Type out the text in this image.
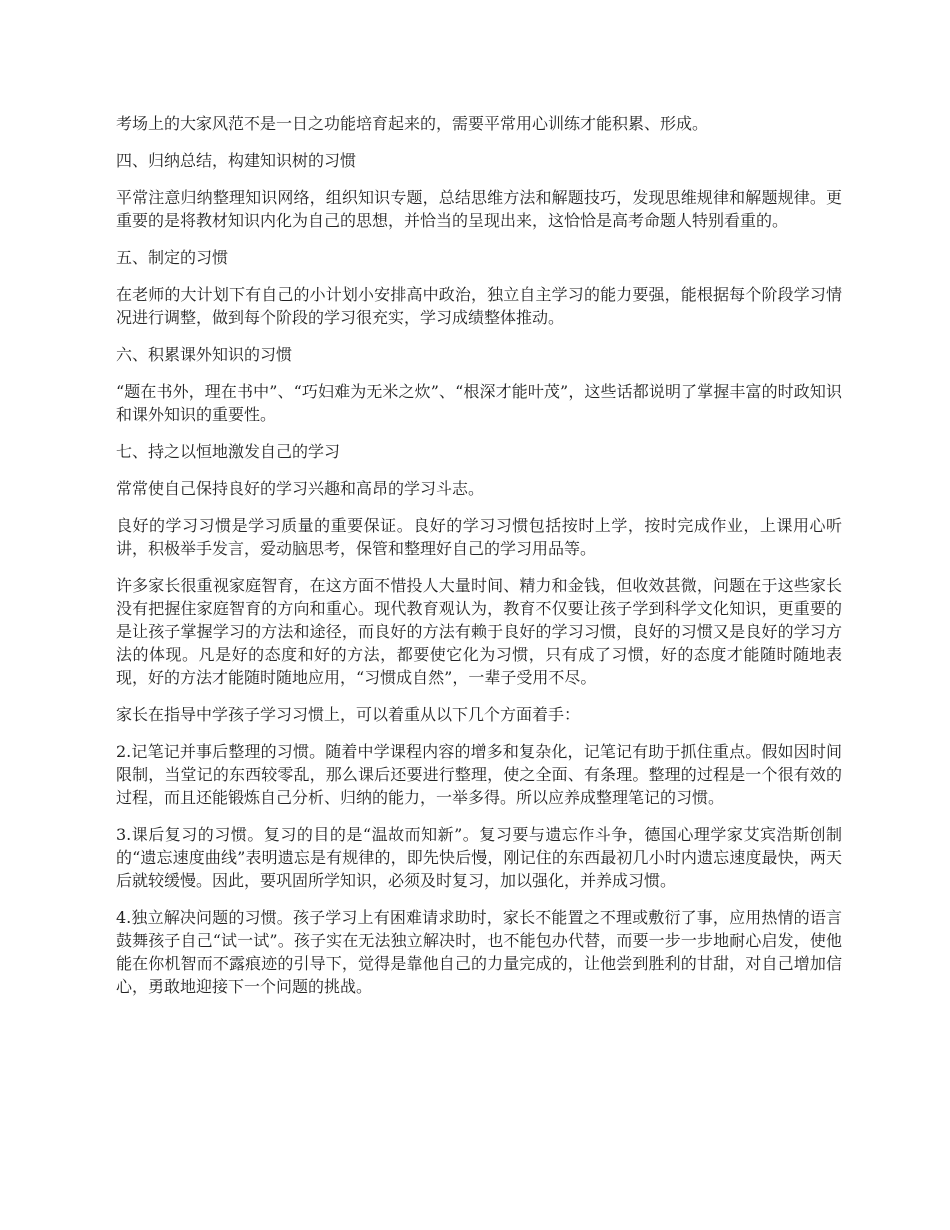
考场上的大家风范不是一日之功能培育起来的，需要平常用心训练才能积累、形成。

四、归纳总结，构建知识树的习惯

平常注意归纳整理知识网络，组织知识专题，总结思维方法和解题技巧，发现思维规律和解题规律。更重要的是将教材知识内化为自己的思想，并恰当的呈现出来，这恰恰是高考命题人特别看重的。

五、制定的习惯

在老师的大计划下有自己的小计划小安排高中政治，独立自主学习的能力要强，能根据每个阶段学习情况进行调整，做到每个阶段的学习很充实，学习成绩整体推动。

六、积累课外知识的习惯

“题在书外，理在书中”、“巧妇难为无米之炊”、“根深才能叶茂”，这些话都说明了掌握丰富的时政知识和课外知识的重要性。

七、持之以恒地激发自己的学习

常常使自己保持良好的学习兴趣和高昂的学习斗志。

良好的学习习惯是学习质量的重要保证。良好的学习习惯包括按时上学，按时完成作业，上课用心听讲，积极举手发言，爱动脑思考，保管和整理好自己的学习用品等。

许多家长很重视家庭智育，在这方面不惜投人大量时间、精力和金钱，但收效甚微，问题在于这些家长没有把握住家庭智育的方向和重心。现代教育观认为，教育不仅要让孩子学到科学文化知识，更重要的是让孩子掌握学习的方法和途径，而良好的方法有赖于良好的学习习惯，良好的习惯又是良好的学习方法的体现。凡是好的态度和好的方法，都要使它化为习惯，只有成了习惯，好的态度才能随时随地表现，好的方法才能随时随地应用，“习惯成自然”，一辈子受用不尽。

家长在指导中学孩子学习习惯上，可以着重从以下几个方面着手：

2.记笔记并事后整理的习惯。随着中学课程内容的增多和复杂化，记笔记有助于抓住重点。假如因时间限制，当堂记的东西较零乱，那么课后还要进行整理，使之全面、有条理。整理的过程是一个很有效的过程，而且还能锻炼自己分析、归纳的能力，一举多得。所以应养成整理笔记的习惯。

3.课后复习的习惯。复习的目的是“温故而知新”。复习要与遗忘作斗争，德国心理学家艾宾浩斯创制的“遗忘速度曲线”表明遗忘是有规律的，即先快后慢，刚记住的东西最初几小时内遗忘速度最快，两天后就较缓慢。因此，要巩固所学知识，必须及时复习，加以强化，并养成习惯。

4.独立解决问题的习惯。孩子学习上有困难请求助时，家长不能置之不理或敷衍了事，应用热情的语言鼓舞孩子自己“试一试”。孩子实在无法独立解决时，也不能包办代替，而要一步一步地耐心启发，使他能在你机智而不露痕迹的引导下，觉得是靠他自己的力量完成的，让他尝到胜利的甘甜，对自己增加信心，勇敢地迎接下一个问题的挑战。
